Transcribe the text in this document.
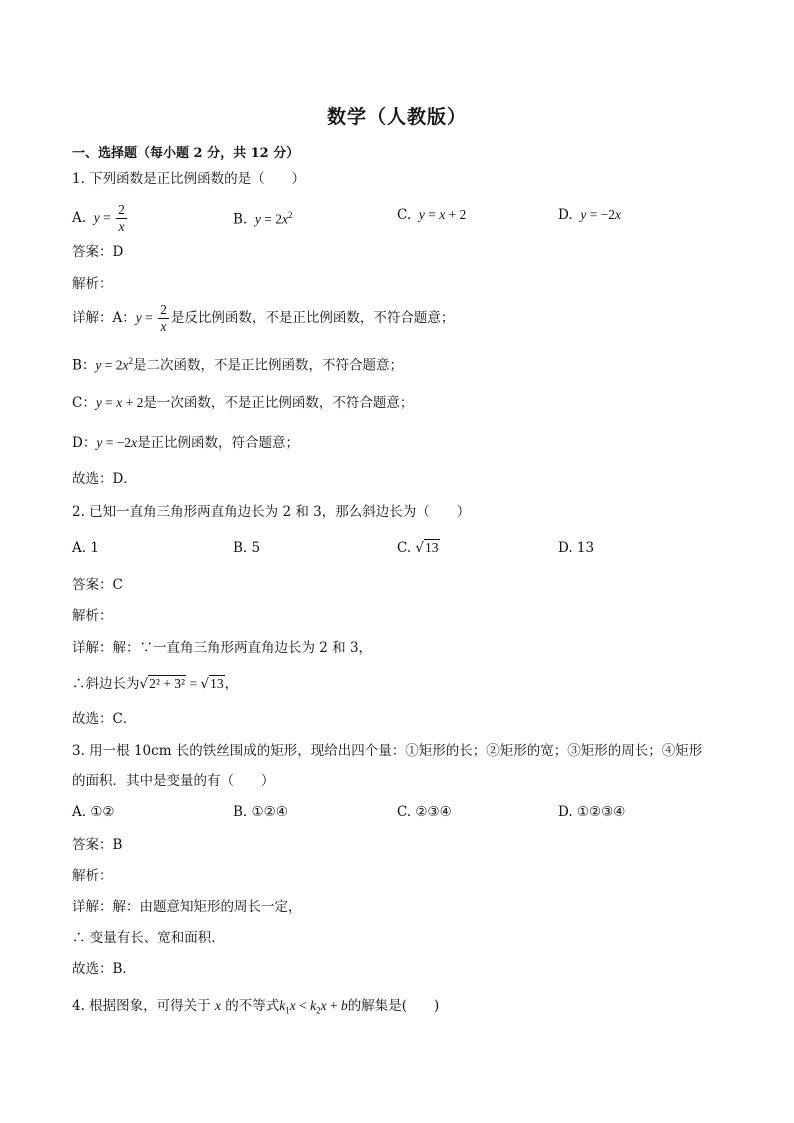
数学（人教版）
一、选择题（每小题 2 分，共 12 分）
1. 下列函数是正比例函数的是（　　）
A.  $y = \frac{2}{x}$	B.  $y = 2x^2$	C.  y = x + 2	D.  y = −2x
答案：D
解析：
详解：A：$y = \frac{2}{x}$ 是反比例函数，不是正比例函数，不符合题意；
B：$y = 2x^2$是二次函数，不是正比例函数，不符合题意；
C：y = x + 2是一次函数，不是正比例函数，不符合题意；
D：y = −2x是正比例函数，符合题意；
故选：D．
2. 已知一直角三角形两直角边长为 2 和 3，那么斜边长为（　　）
A. 1	B. 5	C. √13	D. 13
答案：C
解析：
详解：解：∵一直角三角形两直角边长为 2 和 3，
∴斜边长为√2² + 3² = √13，
故选：C．
3. 用一根 10cm 长的铁丝围成的矩形，现给出四个量：①矩形的长；②矩形的宽；③矩形的周长；④矩形
的面积．其中是变量的有（　　）
A. ①②	B. ①②④	C. ②③④	D. ①②③④
答案：B
解析：
详解：解：由题意知矩形的周长一定，
∴ 变量有长、宽和面积．
故选：B．
4. 根据图象，可得关于 x 的不等式$k_1x < k_2x + b$的解集是(　　)
